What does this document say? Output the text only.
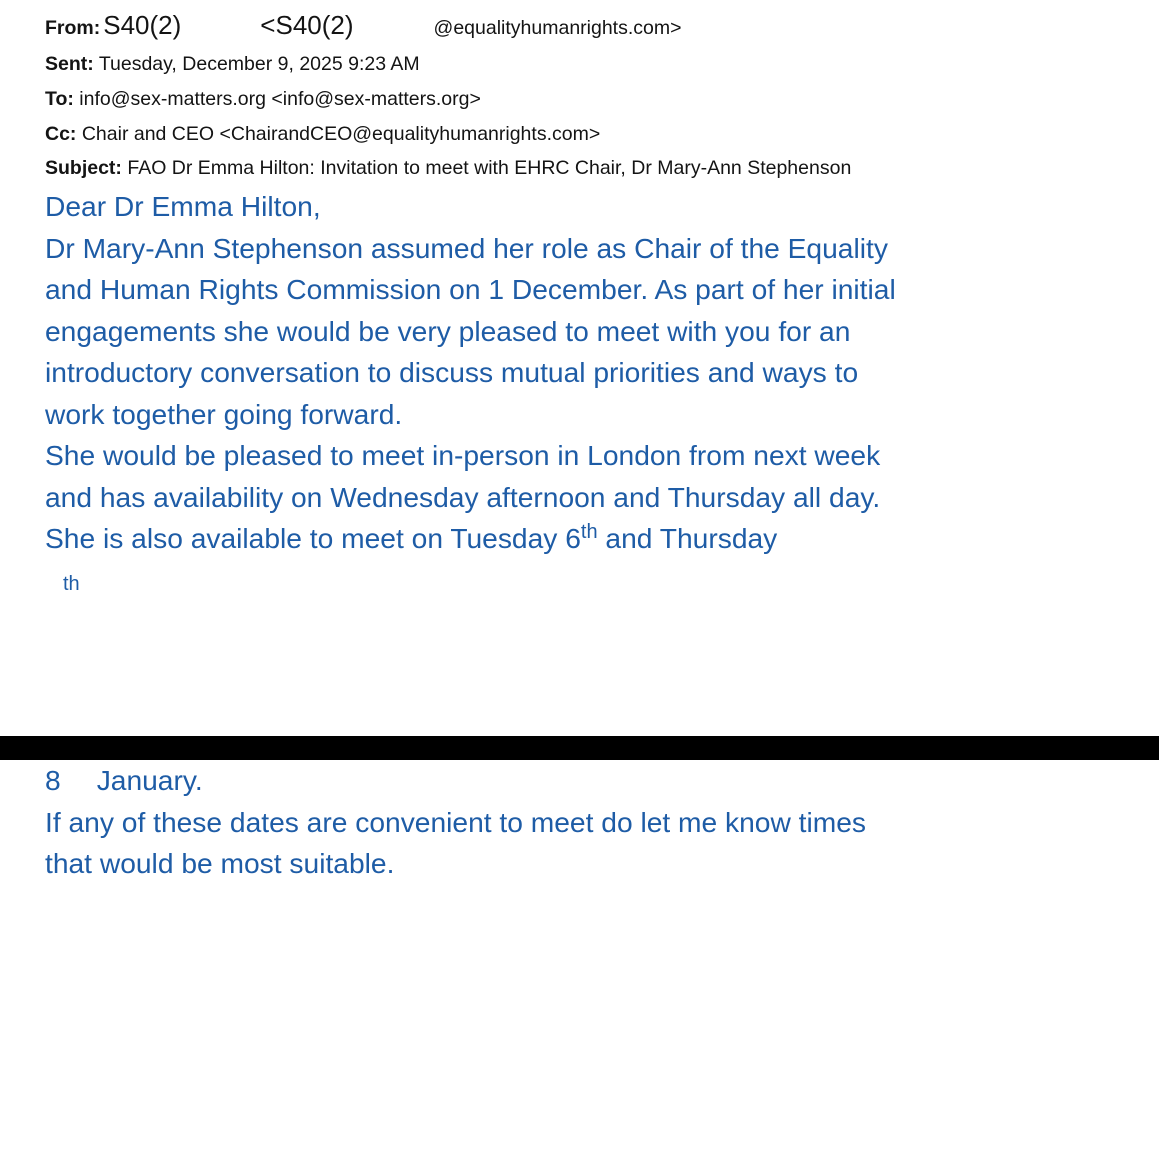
From: S40(2)	<S40(2)	@equalityhumanrights.com>
Sent: Tuesday, December 9, 2025 9:23 AM
To: info@sex-matters.org <info@sex-matters.org>
Cc: Chair and CEO <ChairandCEO@equalityhumanrights.com>
Subject: FAO Dr Emma Hilton: Invitation to meet with EHRC Chair, Dr Mary-Ann Stephenson

Dear Dr Emma Hilton,

Dr Mary-Ann Stephenson assumed her role as Chair of the Equality
and Human Rights Commission on 1 December. As part of her initial
engagements she would be very pleased to meet with you for an
introductory conversation to discuss mutual priorities and ways to
work together going forward.

She would be pleased to meet in-person in London from next week
and has availability on Wednesday afternoon and Thursday all day.
She is also available to meet on Tuesday 6th and Thursday
th

8 January.

If any of these dates are convenient to meet do let me know times
that would be most suitable.
